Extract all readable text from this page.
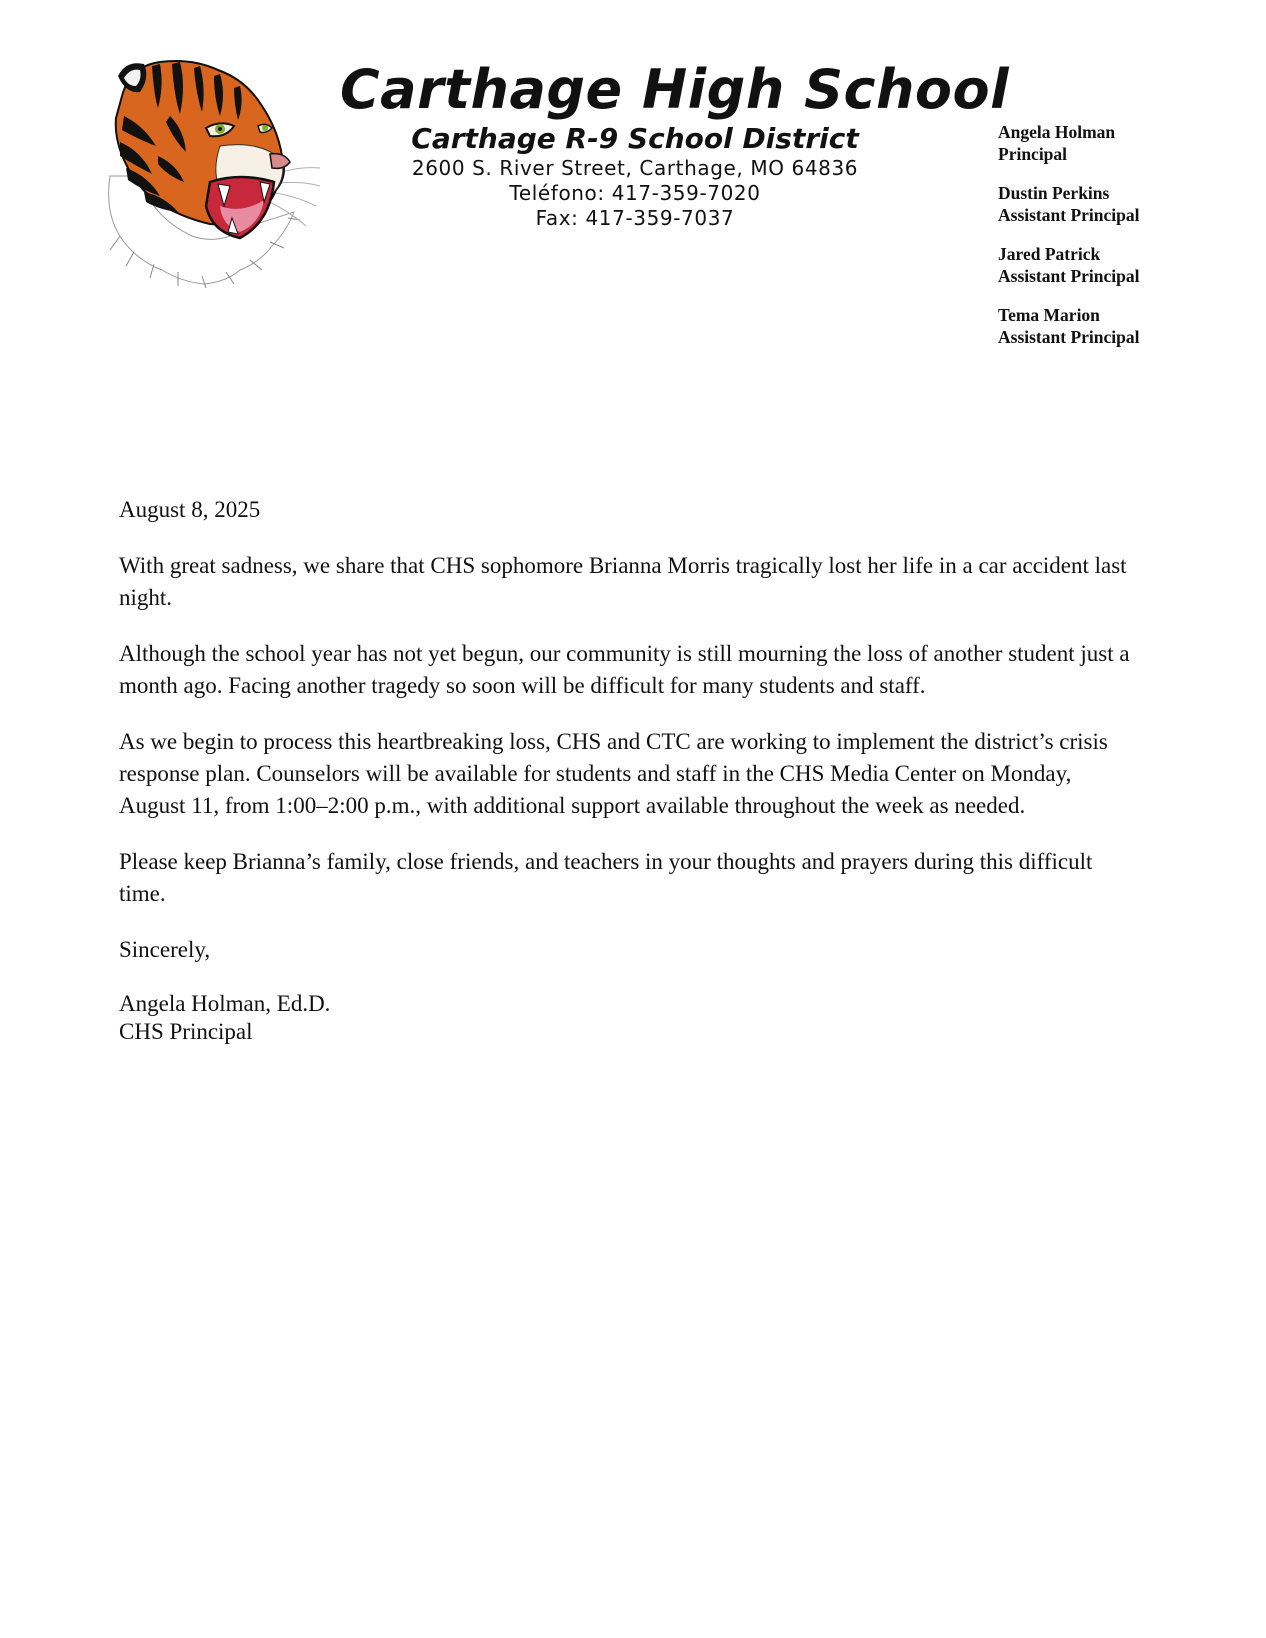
Carthage High School
Carthage R-9 School District
2600 S. River Street, Carthage, MO 64836
Teléfono: 417-359-7020
Fax: 417-359-7037
Angela Holman
Principal
Dustin Perkins
Assistant Principal
Jared Patrick
Assistant Principal
Tema Marion
Assistant Principal

August 8, 2025

With great sadness, we share that CHS sophomore Brianna Morris tragically lost her life in a car accident last night.

Although the school year has not yet begun, our community is still mourning the loss of another student just a month ago. Facing another tragedy so soon will be difficult for many students and staff.

As we begin to process this heartbreaking loss, CHS and CTC are working to implement the district’s crisis response plan. Counselors will be available for students and staff in the CHS Media Center on Monday, August 11, from 1:00–2:00 p.m., with additional support available throughout the week as needed.

Please keep Brianna’s family, close friends, and teachers in your thoughts and prayers during this difficult time.

Sincerely,

Angela Holman, Ed.D.
CHS Principal
